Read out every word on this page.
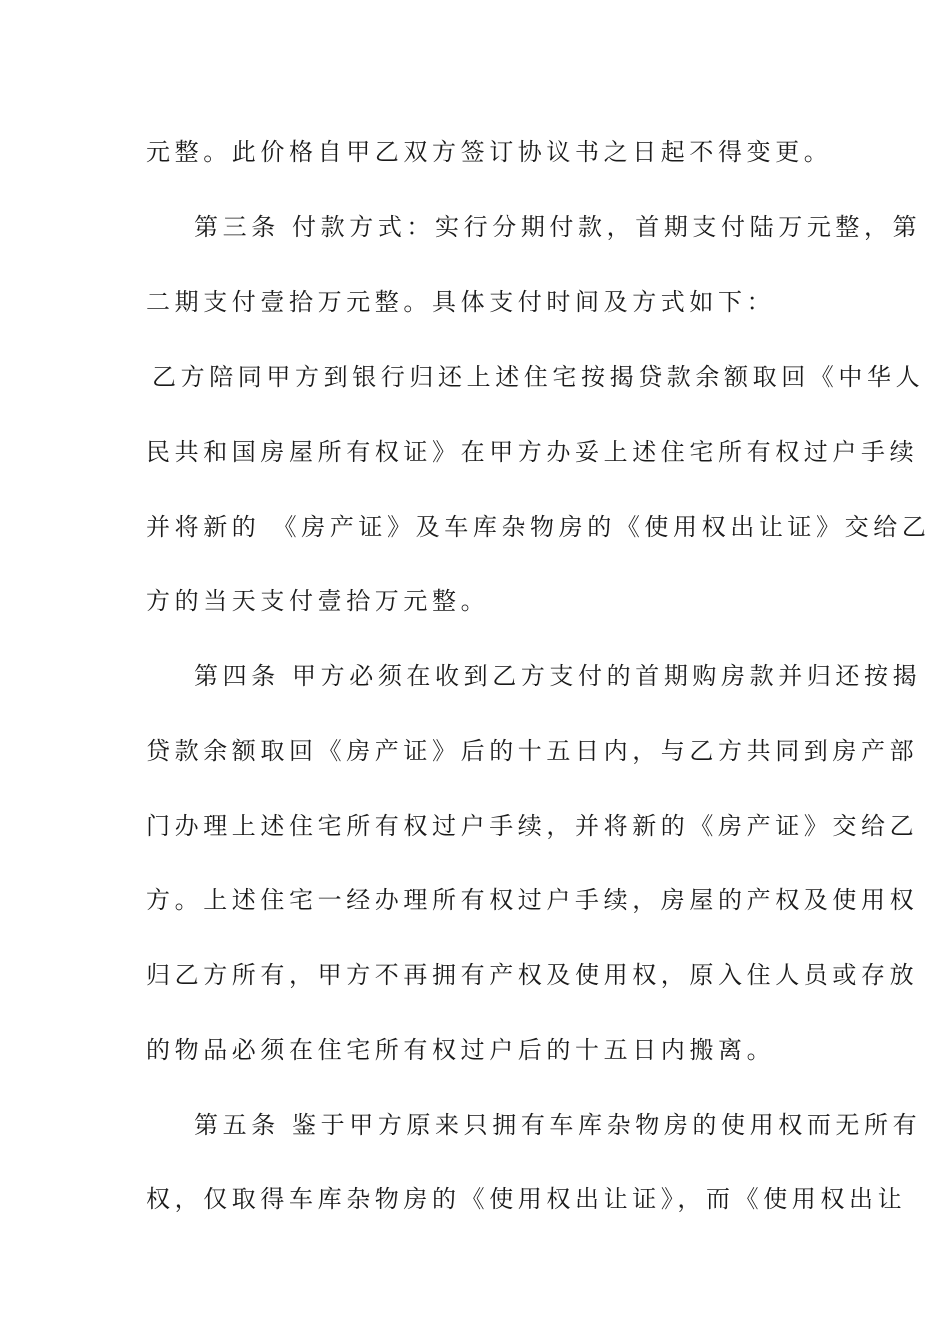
元整。此价格自甲乙双方签订协议书之日起不得变更。
第三条 付款方式：实行分期付款，首期支付陆万元整，第
二期支付壹拾万元整。具体支付时间及方式如下：
乙方陪同甲方到银行归还上述住宅按揭贷款余额取回《中华人
民共和国房屋所有权证》在甲方办妥上述住宅所有权过户手续
并将新的 《房产证》及车库杂物房的《使用权出让证》交给乙
方的当天支付壹拾万元整。
第四条 甲方必须在收到乙方支付的首期购房款并归还按揭
贷款余额取回《房产证》后的十五日内，与乙方共同到房产部
门办理上述住宅所有权过户手续，并将新的《房产证》交给乙
方。上述住宅一经办理所有权过户手续，房屋的产权及使用权
归乙方所有，甲方不再拥有产权及使用权，原入住人员或存放
的物品必须在住宅所有权过户后的十五日内搬离。
第五条 鉴于甲方原来只拥有车库杂物房的使用权而无所有
权，仅取得车库杂物房的《使用权出让证》，而《使用权出让
